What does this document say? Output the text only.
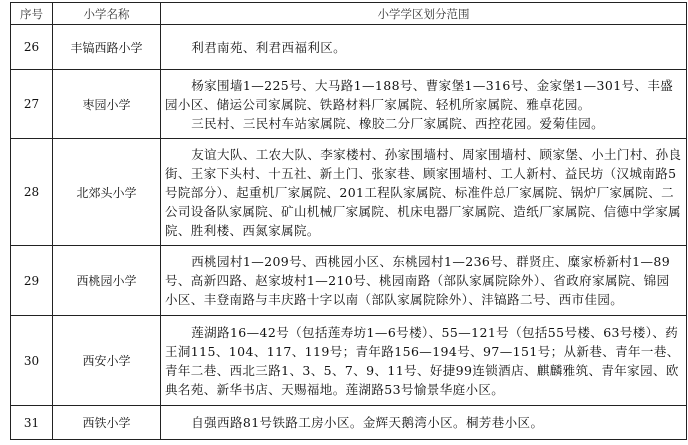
序号	小学名称	小学学区划分范围
26	丰镐西路小学	利君南苑、利君西福利区。

27	枣园小学	杨家围墙1—225号、大马路1—188号、曹家堡1—316号、金家堡1—301号、丰盛园小区、储运公司家属院、铁路材料厂家属院、轻机所家属院、雅卓花园。

三民村、三民村车站家属院、橡胶二分厂家属院、西控花园。爱菊佳园。

28	北郊头小学	友谊大队、工农大队、李家楼村、孙家围墙村、周家围墙村、顾家堡、小土门村、孙良街、王家下头村、十五社、新土门、张家巷、顾家围墙村、工人新村、益民坊（汉城南路5号院部分）、起重机厂家属院、201工程队家属院、标准件总厂家属院、锅炉厂家属院、二公司设备队家属院、矿山机械厂家属院、机床电器厂家属院、造纸厂家属院、信德中学家属院、胜利楼、西氮家属院。

29	西桃园小学	西桃园村1—209号、西桃园小区、东桃园村1—236号、群贤庄、糜家桥新村1—89号、高新四路、赵家坡村1—210号、桃园南路（部队家属院除外）、省政府家属院、锦园小区、丰登南路与丰庆路十字以南（部队家属院除外）、沣镐路二号、西市佳园。

30	西安小学	莲湖路16—42号（包括莲寿坊1—6号楼）、55—121号（包括55号楼、63号楼）、药王洞115、104、117、119号；青年路156—194号、97—151号；从新巷、青年一巷、青年二巷、西北三路1、3、5、7、9、11号、好捷99连锁酒店、麒麟雅筑、青年家园、欧典名苑、新华书店、天赐福地。莲湖路53号愉景华庭小区。

31	西铁小学	自强西路81号铁路工房小区。金辉天鹅湾小区。桐芳巷小区。
